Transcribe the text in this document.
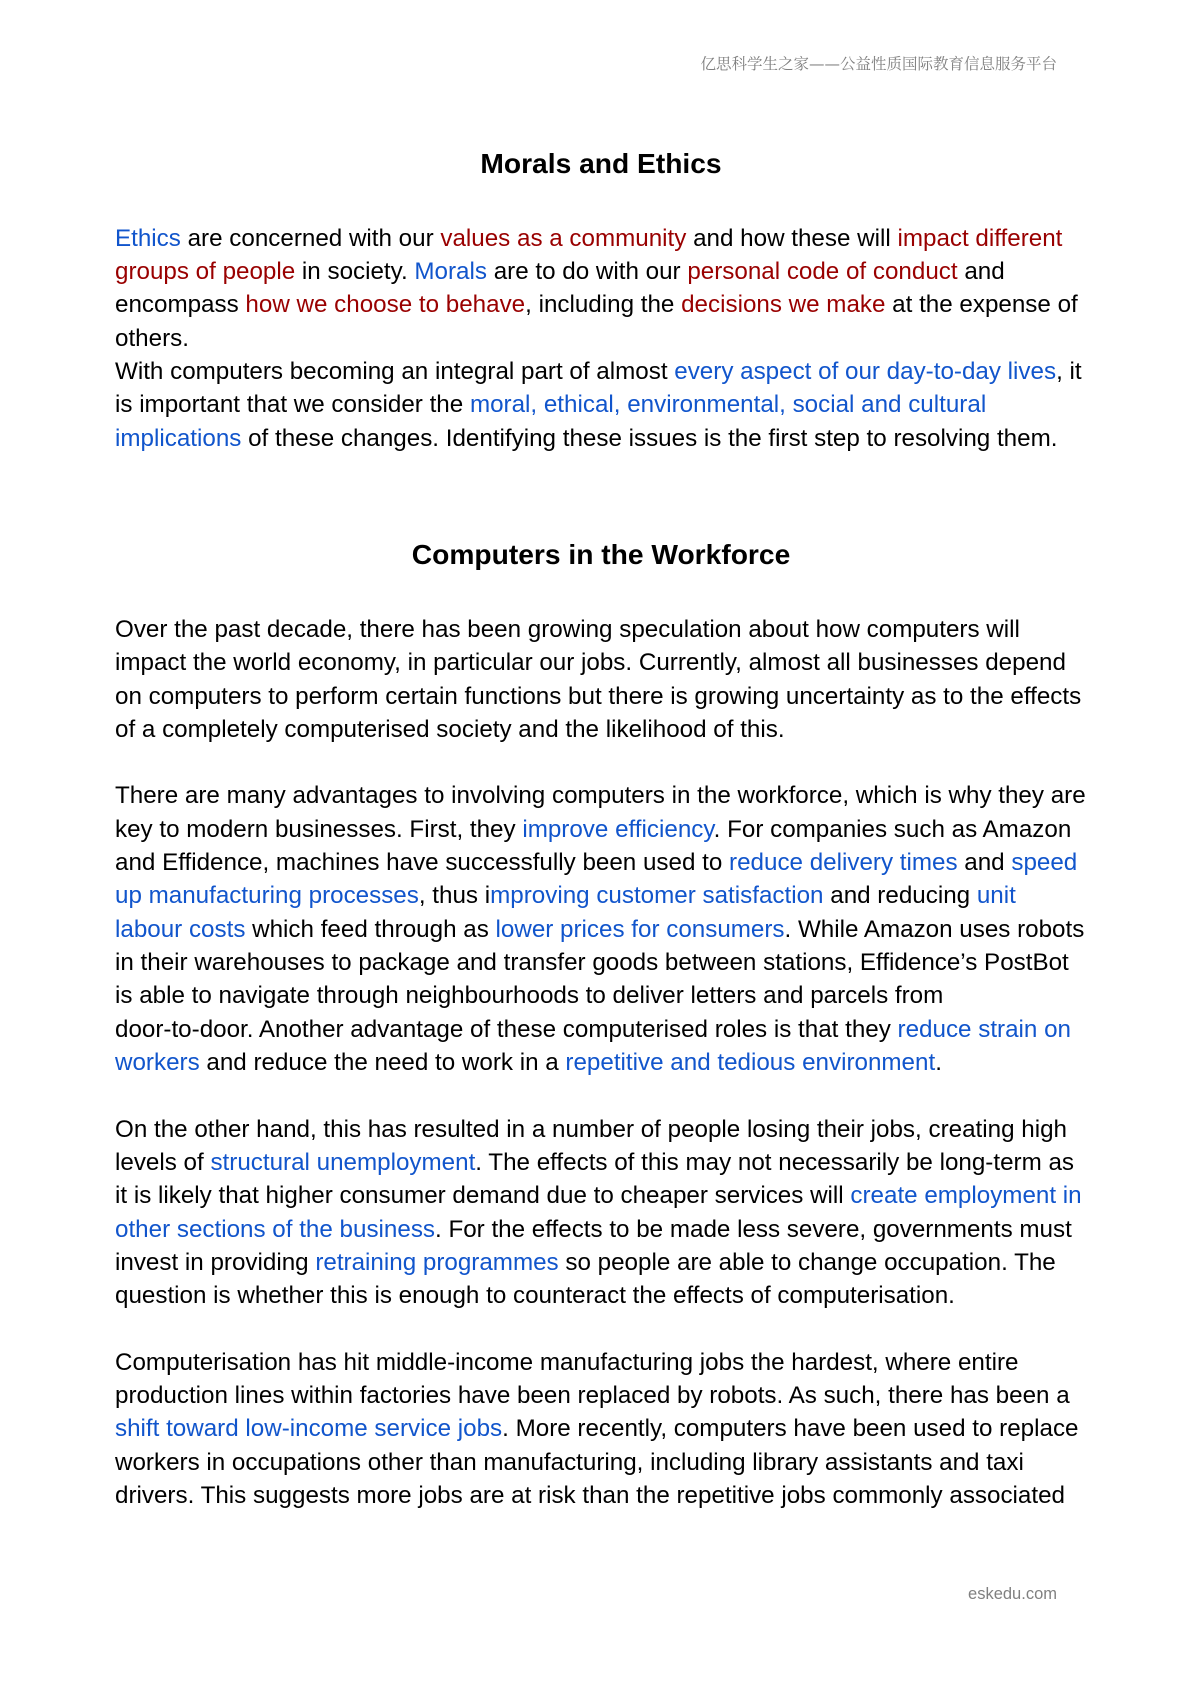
亿思科学生之家——公益性质国际教育信息服务平台
Morals and Ethics
Ethics are concerned with our values as a community and how these will impact different
groups of people in society. Morals are to do with our personal code of conduct and
encompass how we choose to behave, including the decisions we make at the expense of
others.
With computers becoming an integral part of almost every aspect of our day-to-day lives, it
is important that we consider the moral, ethical, environmental, social and cultural
implications of these changes. Identifying these issues is the first step to resolving them.
Computers in the Workforce
Over the past decade, there has been growing speculation about how computers will
impact the world economy, in particular our jobs. Currently, almost all businesses depend
on computers to perform certain functions but there is growing uncertainty as to the effects
of a completely computerised society and the likelihood of this.
There are many advantages to involving computers in the workforce, which is why they are
key to modern businesses. First, they improve efficiency. For companies such as Amazon
and Effidence, machines have successfully been used to reduce delivery times and speed
up manufacturing processes, thus improving customer satisfaction and reducing unit
labour costs which feed through as lower prices for consumers. While Amazon uses robots
in their warehouses to package and transfer goods between stations, Effidence’s PostBot
is able to navigate through neighbourhoods to deliver letters and parcels from
door-to-door. Another advantage of these computerised roles is that they reduce strain on
workers and reduce the need to work in a repetitive and tedious environment.
On the other hand, this has resulted in a number of people losing their jobs, creating high
levels of structural unemployment. The effects of this may not necessarily be long-term as
it is likely that higher consumer demand due to cheaper services will create employment in
other sections of the business. For the effects to be made less severe, governments must
invest in providing retraining programmes so people are able to change occupation. The
question is whether this is enough to counteract the effects of computerisation.
Computerisation has hit middle-income manufacturing jobs the hardest, where entire
production lines within factories have been replaced by robots. As such, there has been a
shift toward low-income service jobs. More recently, computers have been used to replace
workers in occupations other than manufacturing, including library assistants and taxi
drivers. This suggests more jobs are at risk than the repetitive jobs commonly associated
eskedu.com
